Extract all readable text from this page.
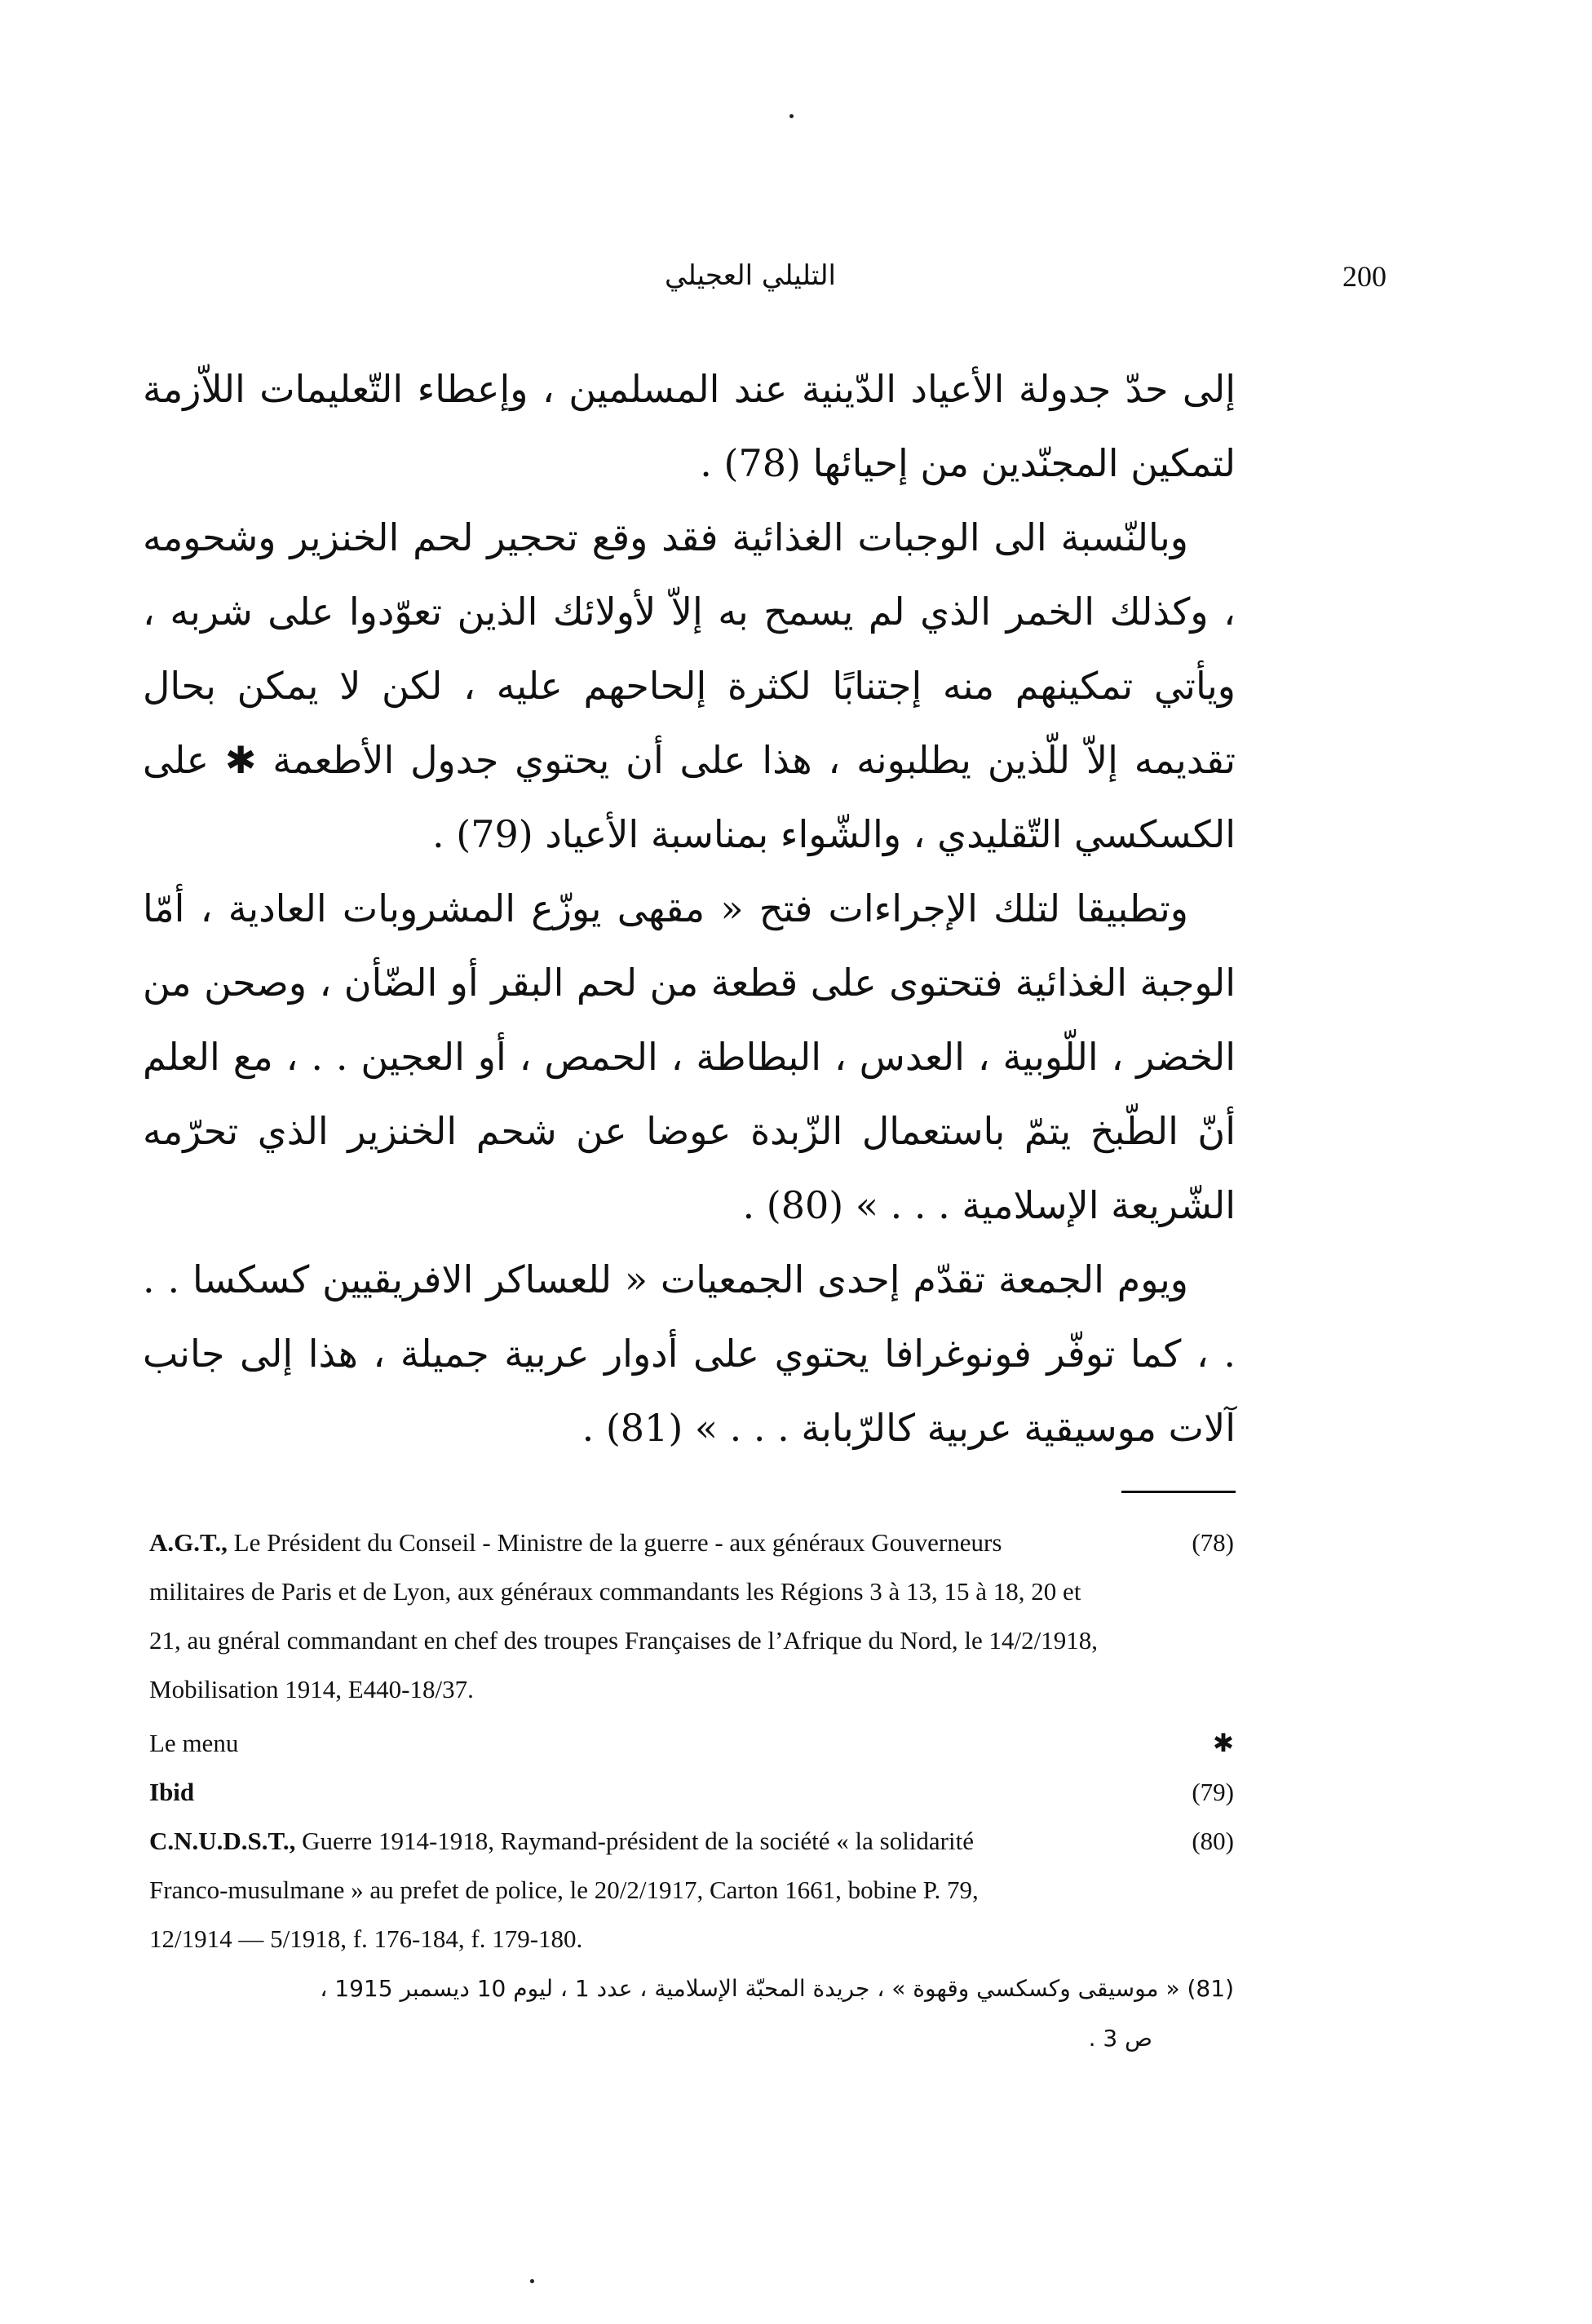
200
التليلي العجيلي

إلى حدّ جدولة الأعياد الدّينية عند المسلمين ، وإعطاء التّعليمات اللاّزمة لتمكين المجنّدين من إحيائها (78) .

وبالنّسبة الى الوجبات الغذائية فقد وقع تحجير لحم الخنزير وشحومه ، وكذلك الخمر الذي لم يسمح به إلاّ لأولائك الذين تعوّدوا على شربه ، ويأتي تمكينهم منه إجتنابًا لكثرة إلحاحهم عليه ، لكن لا يمكن بحال تقديمه إلاّ للّذين يطلبونه ، هذا على أن يحتوي جدول الأطعمة ✱ على الكسكسي التّقليدي ، والشّواء بمناسبة الأعياد (79) .

وتطبيقا لتلك الإجراءات فتح « مقهى يوزّع المشروبات العادية ، أمّا الوجبة الغذائية فتحتوى على قطعة من لحم البقر أو الضّأن ، وصحن من الخضر ، اللّوبية ، العدس ، البطاطة ، الحمص ، أو العجين . . ، مع العلم أنّ الطّبخ يتمّ باستعمال الزّبدة عوضا عن شحم الخنزير الذي تحرّمه الشّريعة الإسلامية . . . » (80) .

ويوم الجمعة تقدّم إحدى الجمعيات « للعساكر الافريقيين كسكسا . . . ، كما توفّر فونوغرافا يحتوي على أدوار عربية جميلة ، هذا إلى جانب آلات موسيقية عربية كالرّبابة . . . » (81) .

A.G.T., Le Président du Conseil - Ministre de la guerre - aux généraux Gouverneurs	(78)
militaires de Paris et de Lyon, aux généraux commandants les Régions 3 à 13, 15 à 18, 20 et
21, au gnéral commandant en chef des troupes Françaises de l’Afrique du Nord, le 14/2/1918,
Mobilisation 1914, E440-18/37.
Le menu	✱
Ibid	(79)
C.N.U.D.S.T., Guerre 1914-1918, Raymand-président de la société « la solidarité	(80)
Franco-musulmane » au prefet de police, le 20/2/1917, Carton 1661, bobine P. 79,
12/1914 — 5/1918, f. 176-184, f. 179-180.
(81) « موسيقى وكسكسي وقهوة » ، جريدة المحبّة الإسلامية ، عدد 1 ، ليوم 10 ديسمبر 1915 ،
ص 3 .
